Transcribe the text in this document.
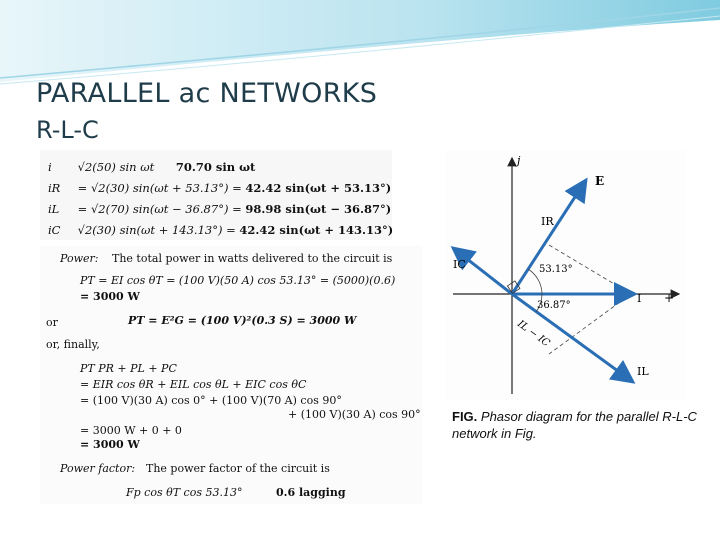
PARALLEL ac NETWORKS
R-L-C
i √2(50) sin ωt 70.70 sin ωt
iR = √2(30) sin(ωt + 53.13°) = 42.42 sin(ωt + 53.13°)
iL = √2(70) sin(ωt − 36.87°) = 98.98 sin(ωt − 36.87°)
iC √2(30) sin(ωt + 143.13°) = 42.42 sin(ωt + 143.13°)
Power: The total power in watts delivered to the circuit is
PT = EI cos θT = (100 V)(50 A) cos 53.13° = (5000)(0.6)
= 3000 W
or	PT = E²G = (100 V)²(0.3 S) = 3000 W
or, finally,
PT PR + PL + PC
= EIR cos θR + EIL cos θL + EIC cos θC
= (100 V)(30 A) cos 0° + (100 V)(70 A) cos 90°
+ (100 V)(30 A) cos 90°
= 3000 W + 0 + 0
= 3000 W
Power factor: The power factor of the circuit is
Fp cos θT cos 53.13°	0.6 lagging
j
+
E
IR
IC
IL
I
IL − IC
53.13°
36.87°
FIG. Phasor diagram for the parallel R-L-C network in Fig.
